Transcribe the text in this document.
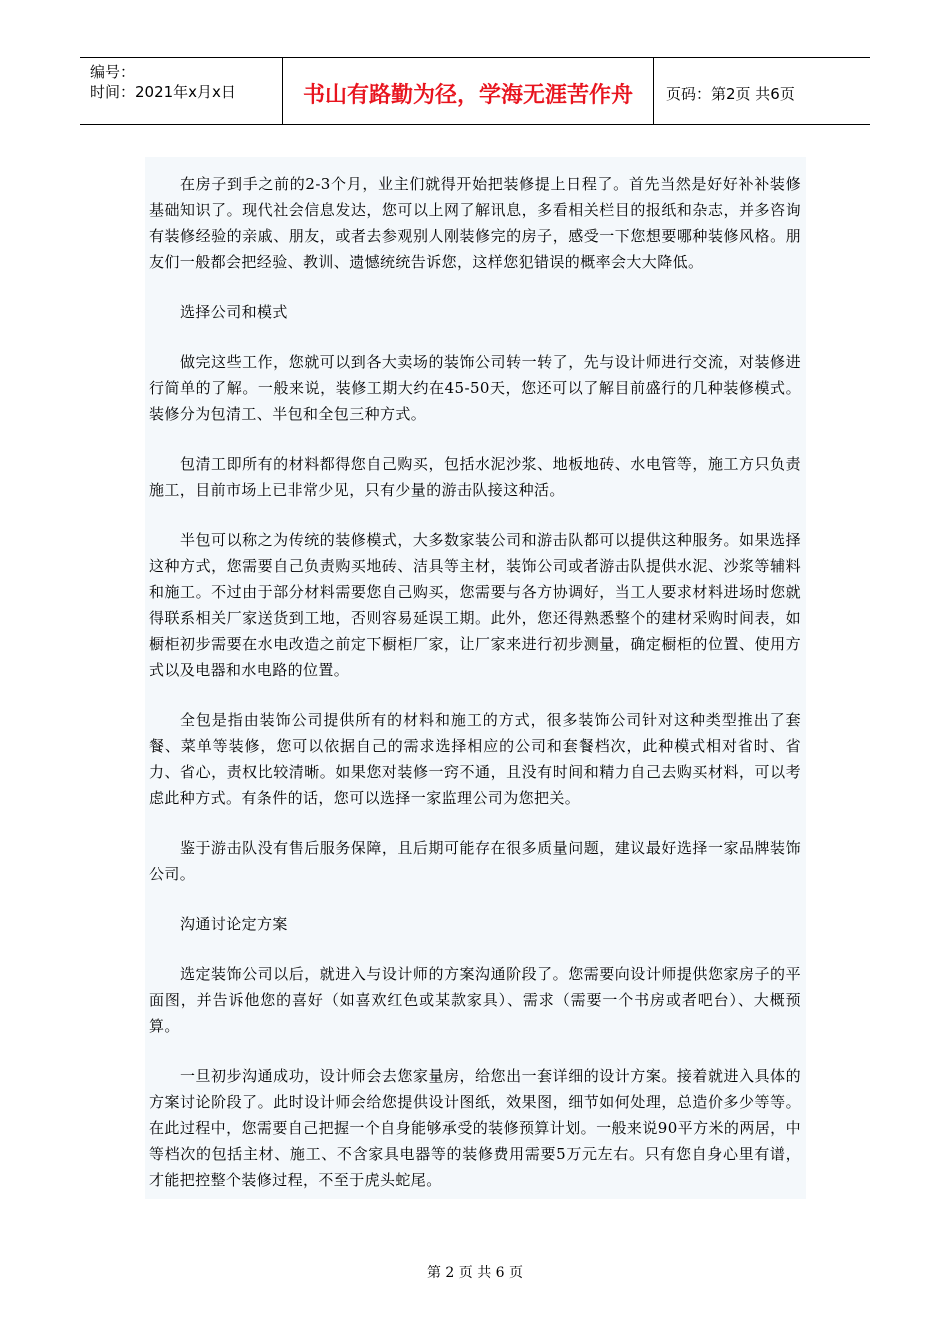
编号：
时间：2021年x月x日	书山有路勤为径，学海无涯苦作舟	页码：第2页 共6页

在房子到手之前的2-3个月，业主们就得开始把装修提上日程了。首先当然是好好补补装修基础知识了。现代社会信息发达，您可以上网了解讯息，多看相关栏目的报纸和杂志，并多咨询有装修经验的亲戚、朋友，或者去参观别人刚装修完的房子，感受一下您想要哪种装修风格。朋友们一般都会把经验、教训、遗憾统统告诉您，这样您犯错误的概率会大大降低。

选择公司和模式

做完这些工作，您就可以到各大卖场的装饰公司转一转了，先与设计师进行交流，对装修进行简单的了解。一般来说，装修工期大约在45-50天，您还可以了解目前盛行的几种装修模式。装修分为包清工、半包和全包三种方式。

包清工即所有的材料都得您自己购买，包括水泥沙浆、地板地砖、水电管等，施工方只负责施工，目前市场上已非常少见，只有少量的游击队接这种活。

半包可以称之为传统的装修模式，大多数家装公司和游击队都可以提供这种服务。如果选择这种方式，您需要自己负责购买地砖、洁具等主材，装饰公司或者游击队提供水泥、沙浆等辅料和施工。不过由于部分材料需要您自己购买，您需要与各方协调好，当工人要求材料进场时您就得联系相关厂家送货到工地，否则容易延误工期。此外，您还得熟悉整个的建材采购时间表，如橱柜初步需要在水电改造之前定下橱柜厂家，让厂家来进行初步测量，确定橱柜的位置、使用方式以及电器和水电路的位置。

全包是指由装饰公司提供所有的材料和施工的方式，很多装饰公司针对这种类型推出了套餐、菜单等装修，您可以依据自己的需求选择相应的公司和套餐档次，此种模式相对省时、省力、省心，责权比较清晰。如果您对装修一窍不通，且没有时间和精力自己去购买材料，可以考虑此种方式。有条件的话，您可以选择一家监理公司为您把关。

鉴于游击队没有售后服务保障，且后期可能存在很多质量问题，建议最好选择一家品牌装饰公司。

沟通讨论定方案

选定装饰公司以后，就进入与设计师的方案沟通阶段了。您需要向设计师提供您家房子的平面图，并告诉他您的喜好（如喜欢红色或某款家具）、需求（需要一个书房或者吧台）、大概预算。

一旦初步沟通成功，设计师会去您家量房，给您出一套详细的设计方案。接着就进入具体的方案讨论阶段了。此时设计师会给您提供设计图纸，效果图，细节如何处理，总造价多少等等。在此过程中，您需要自己把握一个自身能够承受的装修预算计划。一般来说90平方米的两居，中等档次的包括主材、施工、不含家具电器等的装修费用需要5万元左右。只有您自身心里有谱，才能把控整个装修过程，不至于虎头蛇尾。

第 2 页 共 6 页
